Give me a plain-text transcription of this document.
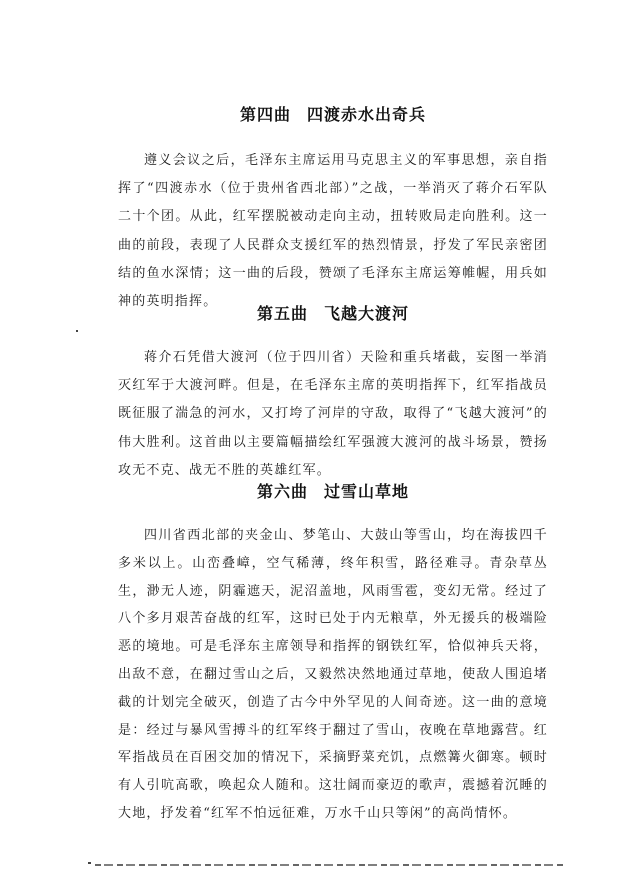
第四曲 四渡赤水出奇兵

遵义会议之后，毛泽东主席运用马克思主义的军事思想，亲自指挥了“四渡赤水（位于贵州省西北部）”之战，一举消灭了蒋介石军队二十个团。从此，红军摆脱被动走向主动，扭转败局走向胜利。这一曲的前段，表现了人民群众支援红军的热烈情景，抒发了军民亲密团结的鱼水深情；这一曲的后段，赞颂了毛泽东主席运筹帷幄，用兵如神的英明指挥。

第五曲 飞越大渡河

蒋介石凭借大渡河（位于四川省）天险和重兵堵截，妄图一举消灭红军于大渡河畔。但是，在毛泽东主席的英明指挥下，红军指战员既征服了湍急的河水，又打垮了河岸的守敌，取得了“飞越大渡河”的伟大胜利。这首曲以主要篇幅描绘红军强渡大渡河的战斗场景，赞扬攻无不克、战无不胜的英雄红军。

第六曲 过雪山草地

四川省西北部的夹金山、梦笔山、大鼓山等雪山，均在海拔四千多米以上。山峦叠嶂，空气稀薄，终年积雪，路径难寻。青杂草丛生，渺无人迹，阴霾遮天，泥沼盖地，风雨雪雹，变幻无常。经过了八个多月艰苦奋战的红军，这时已处于内无粮草，外无援兵的极端险恶的境地。可是毛泽东主席领导和指挥的钢铁红军，恰似神兵天将，出敌不意，在翻过雪山之后，又毅然决然地通过草地，使敌人围追堵截的计划完全破灭，创造了古今中外罕见的人间奇迹。这一曲的意境是：经过与暴风雪搏斗的红军终于翻过了雪山，夜晚在草地露营。红军指战员在百困交加的情况下，采摘野菜充饥，点燃篝火御寒。顿时有人引吭高歌，唤起众人随和。这壮阔而豪迈的歌声，震撼着沉睡的大地，抒发着“红军不怕远征难，万水千山只等闲”的高尚情怀。
